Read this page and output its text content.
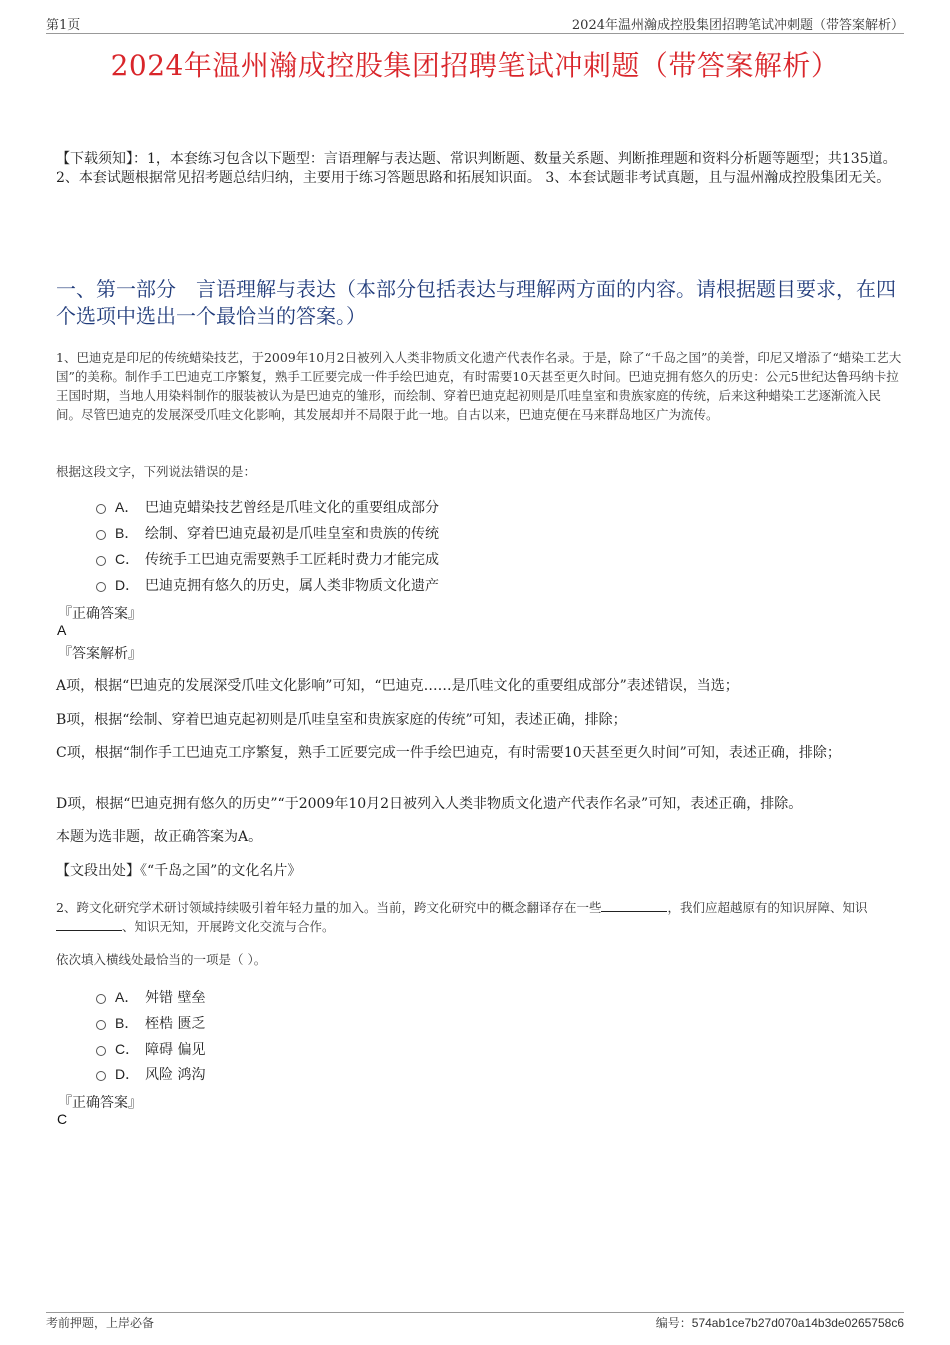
第1页	2024年温州瀚成控股集团招聘笔试冲刺题（带答案解析）
2024年温州瀚成控股集团招聘笔试冲刺题（带答案解析）
【下载须知】：1，本套练习包含以下题型：言语理解与表达题、常识判断题、数量关系题、判断推理题和资料分析题等题型；共135道。 2、本套试题根据常见招考题总结归纳，主要用于练习答题思路和拓展知识面。 3、本套试题非考试真题，且与温州瀚成控股集团无关。
一、第一部分　言语理解与表达（本部分包括表达与理解两方面的内容。请根据题目要求，在四个选项中选出一个最恰当的答案。）
1、巴迪克是印尼的传统蜡染技艺，于2009年10月2日被列入人类非物质文化遗产代表作名录。于是，除了“千岛之国”的美誉，印尼又增添了“蜡染工艺大国”的美称。制作手工巴迪克工序繁复，熟手工匠要完成一件手绘巴迪克，有时需要10天甚至更久时间。巴迪克拥有悠久的历史：公元5世纪达鲁玛纳卡拉王国时期，当地人用染料制作的服装被认为是巴迪克的雏形，而绘制、穿着巴迪克起初则是爪哇皇室和贵族家庭的传统，后来这种蜡染工艺逐渐流入民间。尽管巴迪克的发展深受爪哇文化影响，其发展却并不局限于此一地。自古以来，巴迪克便在马来群岛地区广为流传。
根据这段文字，下列说法错误的是：
A． 巴迪克蜡染技艺曾经是爪哇文化的重要组成部分
B． 绘制、穿着巴迪克最初是爪哇皇室和贵族的传统
C． 传统手工巴迪克需要熟手工匠耗时费力才能完成
D． 巴迪克拥有悠久的历史，属人类非物质文化遗产
『正确答案』
A
『答案解析』
A项，根据“巴迪克的发展深受爪哇文化影响”可知，“巴迪克……是爪哇文化的重要组成部分”表述错误，当选；
B项，根据“绘制、穿着巴迪克起初则是爪哇皇室和贵族家庭的传统”可知，表述正确，排除；
C项，根据“制作手工巴迪克工序繁复，熟手工匠要完成一件手绘巴迪克，有时需要10天甚至更久时间”可知，表述正确，排除；
D项，根据“巴迪克拥有悠久的历史”“于2009年10月2日被列入人类非物质文化遗产代表作名录”可知，表述正确，排除。
本题为选非题，故正确答案为A。
【文段出处】《“千岛之国”的文化名片》
2、跨文化研究学术研讨领域持续吸引着年轻力量的加入。当前，跨文化研究中的概念翻译存在一些	，我们应超越原有的知识屏障、知识、知识无知，开展跨文化交流与合作。
依次填入横线处最恰当的一项是（ ）。
A． 舛错 壁垒
B． 桎梏 匮乏
C． 障碍 偏见
D． 风险 鸿沟
『正确答案』
C
考前押题，上岸必备	编号：574ab1ce7b27d070a14b3de0265758c6
